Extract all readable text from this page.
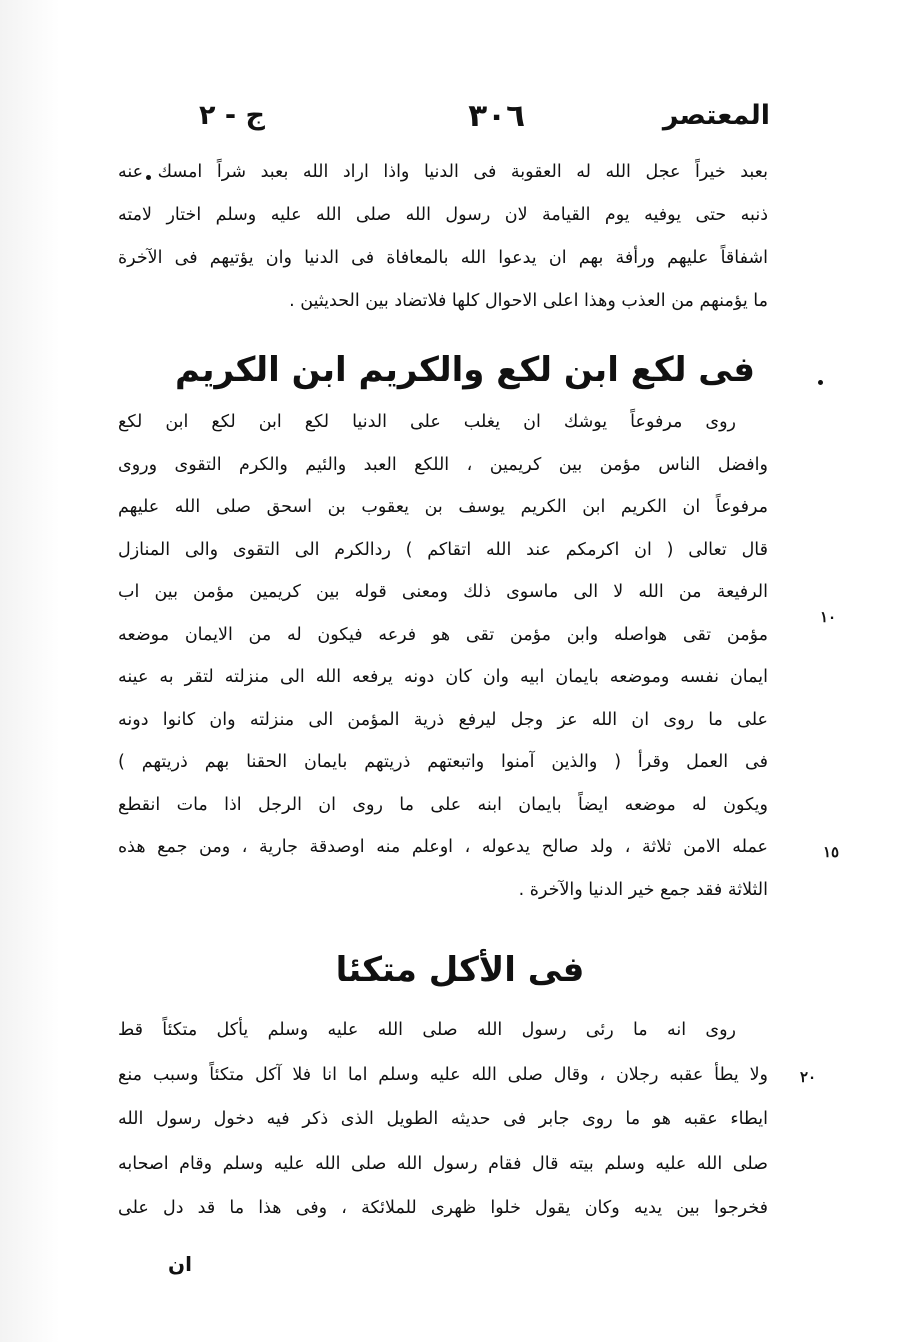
المعتصر
٣٠٦
ج - ٢
بعبد خيراً عجل الله له العقوبة فى الدنيا واذا اراد الله بعبد شراً امسك عنه
ذنبه حتى يوفيه يوم القيامة لان رسول الله صلى الله عليه وسلم اختار لامته
اشفاقاً عليهم ورأفة بهم ان يدعوا الله بالمعافاة فى الدنيا وان يؤتيهم فى الآخرة
ما يؤمنهم من العذب وهذا اعلى الاحوال كلها فلاتضاد بين الحديثين .
فى لكع ابن لكع والكريم ابن الكريم
روى مرفوعاً يوشك ان يغلب على الدنيا لكع ابن لكع ابن لكع
وافضل الناس مؤمن بين كريمين ، اللكع العبد والئيم والكرم التقوى وروى
مرفوعاً ان الكريم ابن الكريم يوسف بن يعقوب بن اسحق صلى الله عليهم
قال تعالى ( ان اكرمكم عند الله اتقاكم ) ردالكرم الى التقوى والى المنازل
الرفيعة من الله لا الى ماسوى ذلك ومعنى قوله بين كريمين مؤمن بين اب
مؤمن تقى هواصله وابن مؤمن تقى هو فرعه فيكون له من الايمان موضعه
ايمان نفسه وموضعه بايمان ابيه وان كان دونه يرفعه الله الى منزلته لتقر به عينه
على ما روى ان الله عز وجل ليرفع ذرية المؤمن الى منزلته وان كانوا دونه
فى العمل وقرأ ( والذين آمنوا واتبعتهم ذريتهم بايمان الحقنا بهم ذريتهم )
ويكون له موضعه ايضاً بايمان ابنه على ما روى ان الرجل اذا مات انقطع
عمله الامن ثلاثة ، ولد صالح يدعوله ، اوعلم منه اوصدقة جارية ، ومن جمع هذه
الثلاثة فقد جمع خير الدنيا والآخرة .
١٠
١٥
فى الأكل متكئا
روى انه ما رئى رسول الله صلى الله عليه وسلم يأكل متكئاً قط
ولا يطأ عقبه رجلان ، وقال صلى الله عليه وسلم اما انا فلا آكل متكئاً وسبب منع
ايطاء عقبه هو ما روى جابر فى حديثه الطويل الذى ذكر فيه دخول رسول الله
صلى الله عليه وسلم بيته قال فقام رسول الله صلى الله عليه وسلم وقام اصحابه
فخرجوا بين يديه وكان يقول خلوا ظهرى للملائكة ، وفى هذا ما قد دل على
٢٠
ان
